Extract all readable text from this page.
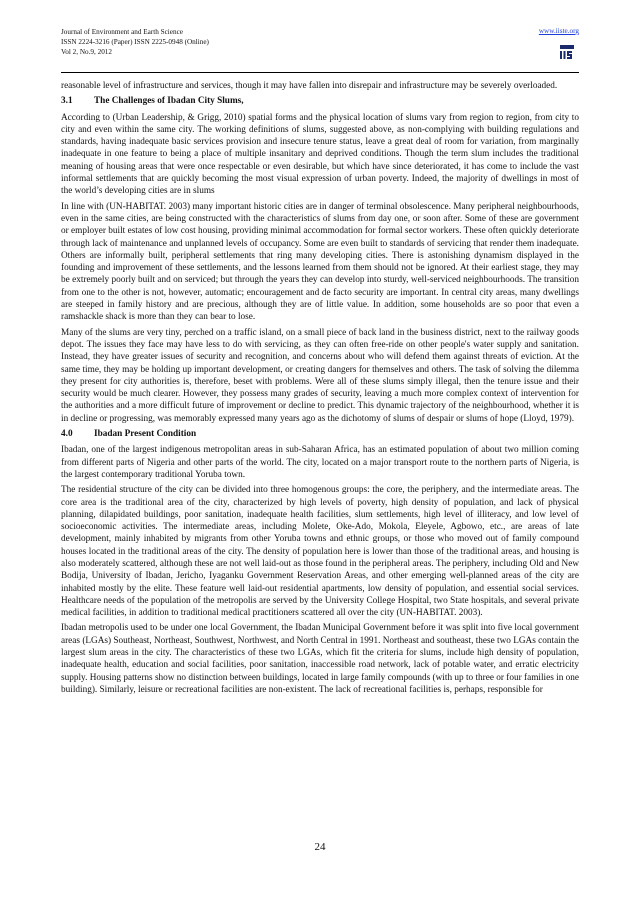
Journal of Environment and Earth Science
ISSN 2224-3216 (Paper) ISSN 2225-0948 (Online)
Vol 2, No.9, 2012
www.iiste.org

reasonable level of infrastructure and services, though it may have fallen into disrepair and infrastructure may be severely overloaded.

3.1 The Challenges of Ibadan City Slums,

According to (Urban Leadership, & Grigg, 2010) spatial forms and the physical location of slums vary from region to region, from city to city and even within the same city. The working definitions of slums, suggested above, as non-complying with building regulations and standards, having inadequate basic services provision and insecure tenure status, leave a great deal of room for variation, from marginally inadequate in one feature to being a place of multiple insanitary and deprived conditions. Though the term slum includes the traditional meaning of housing areas that were once respectable or even desirable, but which have since deteriorated, it has come to include the vast informal settlements that are quickly becoming the most visual expression of urban poverty. Indeed, the majority of dwellings in most of the world’s developing cities are in slums

In line with (UN-HABITAT. 2003) many important historic cities are in danger of terminal obsolescence. Many peripheral neighbourhoods, even in the same cities, are being constructed with the characteristics of slums from day one, or soon after. Some of these are government or employer built estates of low cost housing, providing minimal accommodation for formal sector workers. These often quickly deteriorate through lack of maintenance and unplanned levels of occupancy. Some are even built to standards of servicing that render them inadequate. Others are informally built, peripheral settlements that ring many developing cities. There is astonishing dynamism displayed in the founding and improvement of these settlements, and the lessons learned from them should not be ignored. At their earliest stage, they may be extremely poorly built and on serviced; but through the years they can develop into sturdy, well-serviced neighbourhoods. The transition from one to the other is not, however, automatic; encouragement and de facto security are important. In central city areas, many dwellings are steeped in family history and are precious, although they are of little value. In addition, some households are so poor that even a ramshackle shack is more than they can bear to lose.

Many of the slums are very tiny, perched on a traffic island, on a small piece of back land in the business district, next to the railway goods depot. The issues they face may have less to do with servicing, as they can often free-ride on other people's water supply and sanitation. Instead, they have greater issues of security and recognition, and concerns about who will defend them against threats of eviction. At the same time, they may be holding up important development, or creating dangers for themselves and others. The task of solving the dilemma they present for city authorities is, therefore, beset with problems. Were all of these slums simply illegal, then the tenure issue and their security would be much clearer. However, they possess many grades of security, leaving a much more complex context of intervention for the authorities and a more difficult future of improvement or decline to predict. This dynamic trajectory of the neighbourhood, whether it is in decline or progressing, was memorably expressed many years ago as the dichotomy of slums of despair or slums of hope (Lloyd, 1979).

4.0 Ibadan Present Condition

Ibadan, one of the largest indigenous metropolitan areas in sub-Saharan Africa, has an estimated population of about two million coming from different parts of Nigeria and other parts of the world. The city, located on a major transport route to the northern parts of Nigeria, is the largest contemporary traditional Yoruba town.

The residential structure of the city can be divided into three homogenous groups: the core, the periphery, and the intermediate areas. The core area is the traditional area of the city, characterized by high levels of poverty, high density of population, and lack of physical planning, dilapidated buildings, poor sanitation, inadequate health facilities, slum settlements, high level of illiteracy, and low level of socioeconomic activities. The intermediate areas, including Molete, Oke-Ado, Mokola, Eleyele, Agbowo, etc., are areas of late development, mainly inhabited by migrants from other Yoruba towns and ethnic groups, or those who moved out of family compound houses located in the traditional areas of the city. The density of population here is lower than those of the traditional areas, and housing is also moderately scattered, although these are not well laid-out as those found in the peripheral areas. The periphery, including Old and New Bodija, University of Ibadan, Jericho, Iyaganku Government Reservation Areas, and other emerging well-planned areas of the city are inhabited mostly by the elite. These feature well laid-out residential apartments, low density of population, and essential social services. Healthcare needs of the population of the metropolis are served by the University College Hospital, two State hospitals, and several private medical facilities, in addition to traditional medical practitioners scattered all over the city (UN-HABITAT. 2003).

Ibadan metropolis used to be under one local Government, the Ibadan Municipal Government before it was split into five local government areas (LGAs) Southeast, Northeast, Southwest, Northwest, and North Central in 1991. Northeast and southeast, these two LGAs contain the largest slum areas in the city. The characteristics of these two LGAs, which fit the criteria for slums, include high density of population, inadequate health, education and social facilities, poor sanitation, inaccessible road network, lack of potable water, and erratic electricity supply. Housing patterns show no distinction between buildings, located in large family compounds (with up to three or four families in one building). Similarly, leisure or recreational facilities are non-existent. The lack of recreational facilities is, perhaps, responsible for

24
